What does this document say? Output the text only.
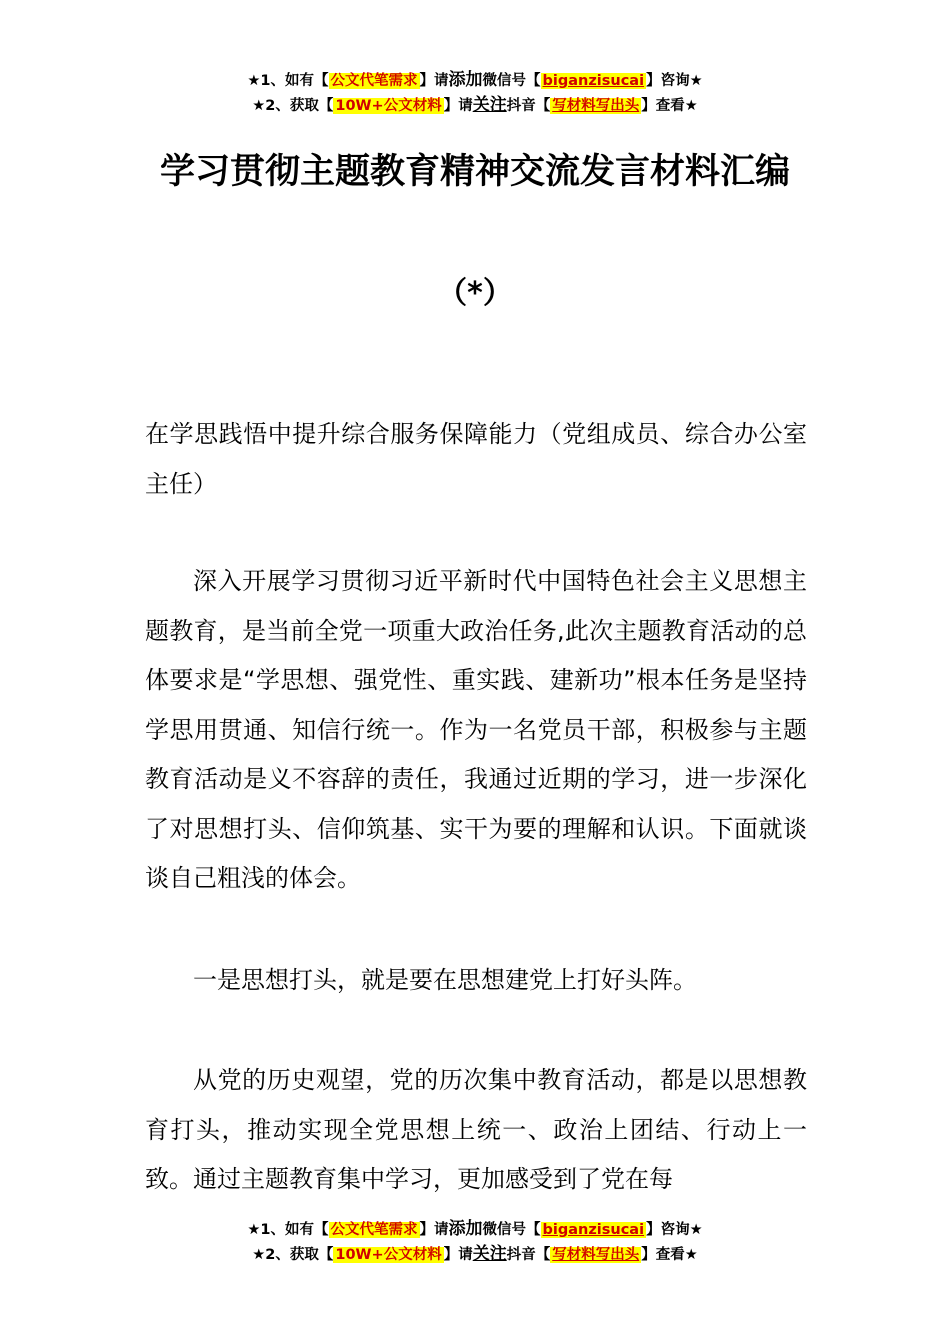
★1、如有【 公文代笔需求 】请添加微信号【 biganzisucai 】咨询★
★2、获取【 10W+公文材料 】请关注抖音【 写材料写出头 】查看★
学习贯彻主题教育精神交流发言材料汇编
（*）

在学思践悟中提升综合服务保障能力（党组成员、综合办公室主任）

深入开展学习贯彻习近平新时代中国特色社会主义思想主题教育，是当前全党一项重大政治任务,此次主题教育活动的总体要求是“学思想、强党性、重实践、建新功”根本任务是坚持学思用贯通、知信行统一。作为一名党员干部，积极参与主题教育活动是义不容辞的责任，我通过近期的学习，进一步深化了对思想打头、信仰筑基、实干为要的理解和认识。下面就谈谈自己粗浅的体会。

一是思想打头，就是要在思想建党上打好头阵。

从党的历史观望，党的历次集中教育活动，都是以思想教育打头，推动实现全党思想上统一、政治上团结、行动上一致。通过主题教育集中学习，更加感受到了党在每

★1、如有【 公文代笔需求 】请添加微信号【 biganzisucai 】咨询★
★2、获取【 10W+公文材料 】请关注抖音【 写材料写出头 】查看★
